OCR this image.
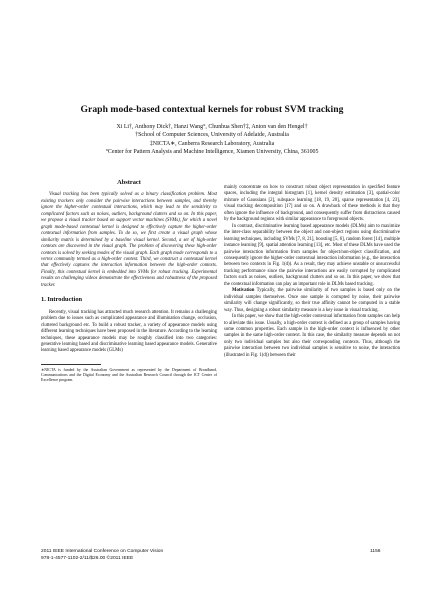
Graph mode-based contextual kernels for robust SVM tracking
Xi Li†, Anthony Dick†, Hanzi Wang°, Chunhua Shen†‡, Anton van den Hengel†
†School of Computer Sciences, University of Adelaide, Australia
‡NICTA∗, Canberra Research Laboratory, Australia
°Center for Pattern Analysis and Machine Intelligence, Xiamen University, China, 361005
Abstract

Visual tracking has been typically solved as a binary classification problem. Most existing trackers only consider the pairwise interactions between samples, and thereby ignore the higher-order contextual interactions, which may lead to the sensitivity to complicated factors such as noises, outliers, background clutters and so on. In this paper, we propose a visual tracker based on support vector machines (SVMs), for which a novel graph mode-based contextual kernel is designed to effectively capture the higher-order contextual information from samples. To do so, we first create a visual graph whose similarity matrix is determined by a baseline visual kernel. Second, a set of high-order contexts are discovered in the visual graph. The problem of discovering these high-order contexts is solved by seeking modes of the visual graph. Each graph mode corresponds to a vertex community termed as a high-order context. Third, we construct a contextual kernel that effectively captures the interaction information between the high-order contexts. Finally, this contextual kernel is embedded into SVMs for robust tracking. Experimental results on challenging videos demonstrate the effectiveness and robustness of the proposed tracker.

1. Introduction

Recently, visual tracking has attracted much research attention. It remains a challenging problem due to issues such as complicated appearance and illumination change, occlusion, cluttered background etc. To build a robust tracker, a variety of appearance models using different learning techniques have been proposed in the literature. According to the learning techniques, these appearance models may be roughly classified into two categories: generative learning based and discriminative learning based appearance models. Generative learning based appearance models (GLMs)

∗NICTA is funded by the Australian Government as represented by the Department of Broadband, Communications and the Digital Economy and the Australian Research Council through the ICT Center of Excellence program.

mainly concentrate on how to construct robust object representation in specified feature spaces, including the integral histogram [1], kernel density estimation [3], spatial-color mixture of Gaussians [2], subspace learning [18, 19, 20], sparse representation [4, 23], visual tracking decomposition [17] and so on. A drawback of these methods is that they often ignore the influence of background, and consequently suffer from distractions caused by the background regions with similar appearance to foreground objects.

In contrast, discriminative learning based appearance models (DLMs) aim to maximize the inter-class separability between the object and non-object regions using discriminative learning techniques, including SVMs [7, 8, 21], boosting [5, 6], random forest [14], multiple instance learning [9], spatial attention learning [13], etc. Most of these DLMs have used the pairwise interaction information from samples for object/non-object classification, and consequently ignore the higher-order contextual interaction information (e.g., the interaction between two contexts in Fig. 1(d)). As a result, they may achieve unstable or unsuccessful tracking performance since the pairwise interactions are easily corrupted by complicated factors such as noises, outliers, background clutters and so on. In this paper, we show that the contextual information can play an important role in DLMs based tracking.

Motivation Typically, the pairwise similarity of two samples is based only on the individual samples themselves. Once one sample is corrupted by noise, their pairwise similarity will change significantly, so their true affinity cannot be computed in a stable way. Thus, designing a robust similarity measure is a key issue in visual tracking.

In this paper, we show that the high-order contextual information from samples can help to alleviate this issue. Usually, a high-order context is defined as a group of samples having some common properties. Each sample in the high-order context is influenced by other samples in the same high-order context. In this case, the similarity measure depends on not only two individual samples but also their corresponding contexts. Thus, although the pairwise interaction between two individual samples is sensitive to noise, the interaction (illustrated in Fig. 1(d)) between their

2011 IEEE International Conference on Computer Vision
978-1-4577-1102-2/11/$26.00 ©2011 IEEE
1156
